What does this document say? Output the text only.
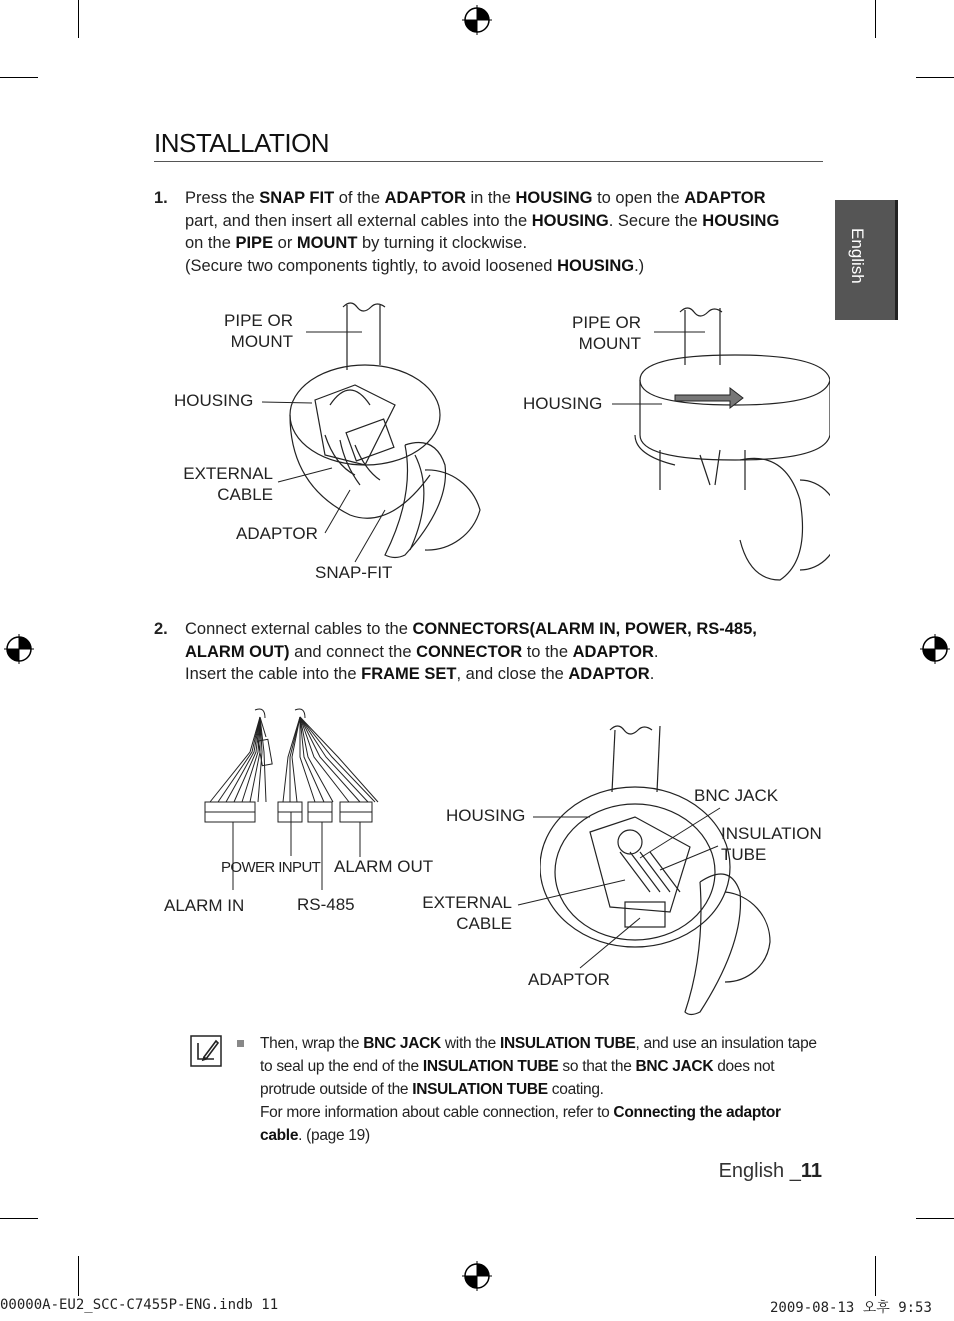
INSTALLATION
English
1. Press the SNAP FIT of the ADAPTOR in the HOUSING to open the ADAPTOR

part, and then insert all external cables into the HOUSING. Secure the HOUSING

on the PIPE or MOUNT by turning it clockwise.

(Secure two components tightly, to avoid loosened HOUSING.)

PIPE OR
MOUNT
HOUSING
EXTERNAL
CABLE
ADAPTOR
SNAP-FIT
PIPE OR
MOUNT
HOUSING
2. Connect external cables to the CONNECTORS(ALARM IN, POWER, RS-485,

ALARM OUT) and connect the CONNECTOR to the ADAPTOR.

Insert the cable into the FRAME SET, and close the ADAPTOR.

POWER INPUT ALARM OUT
ALARM IN	RS-485
HOUSING
BNC JACK
INSULATION
TUBE
EXTERNAL
CABLE
ADAPTOR

Then, wrap the BNC JACK with the INSULATION TUBE, and use an insulation tape

to seal up the end of the INSULATION TUBE so that the BNC JACK does not

protrude outside of the INSULATION TUBE coating.

For more information about cable connection, refer to Connecting the adaptor

cable. (page 19)

English _11
00000A-EU2_SCC-C7455P-ENG.indb 11	2009-08-13 오후 9:53
